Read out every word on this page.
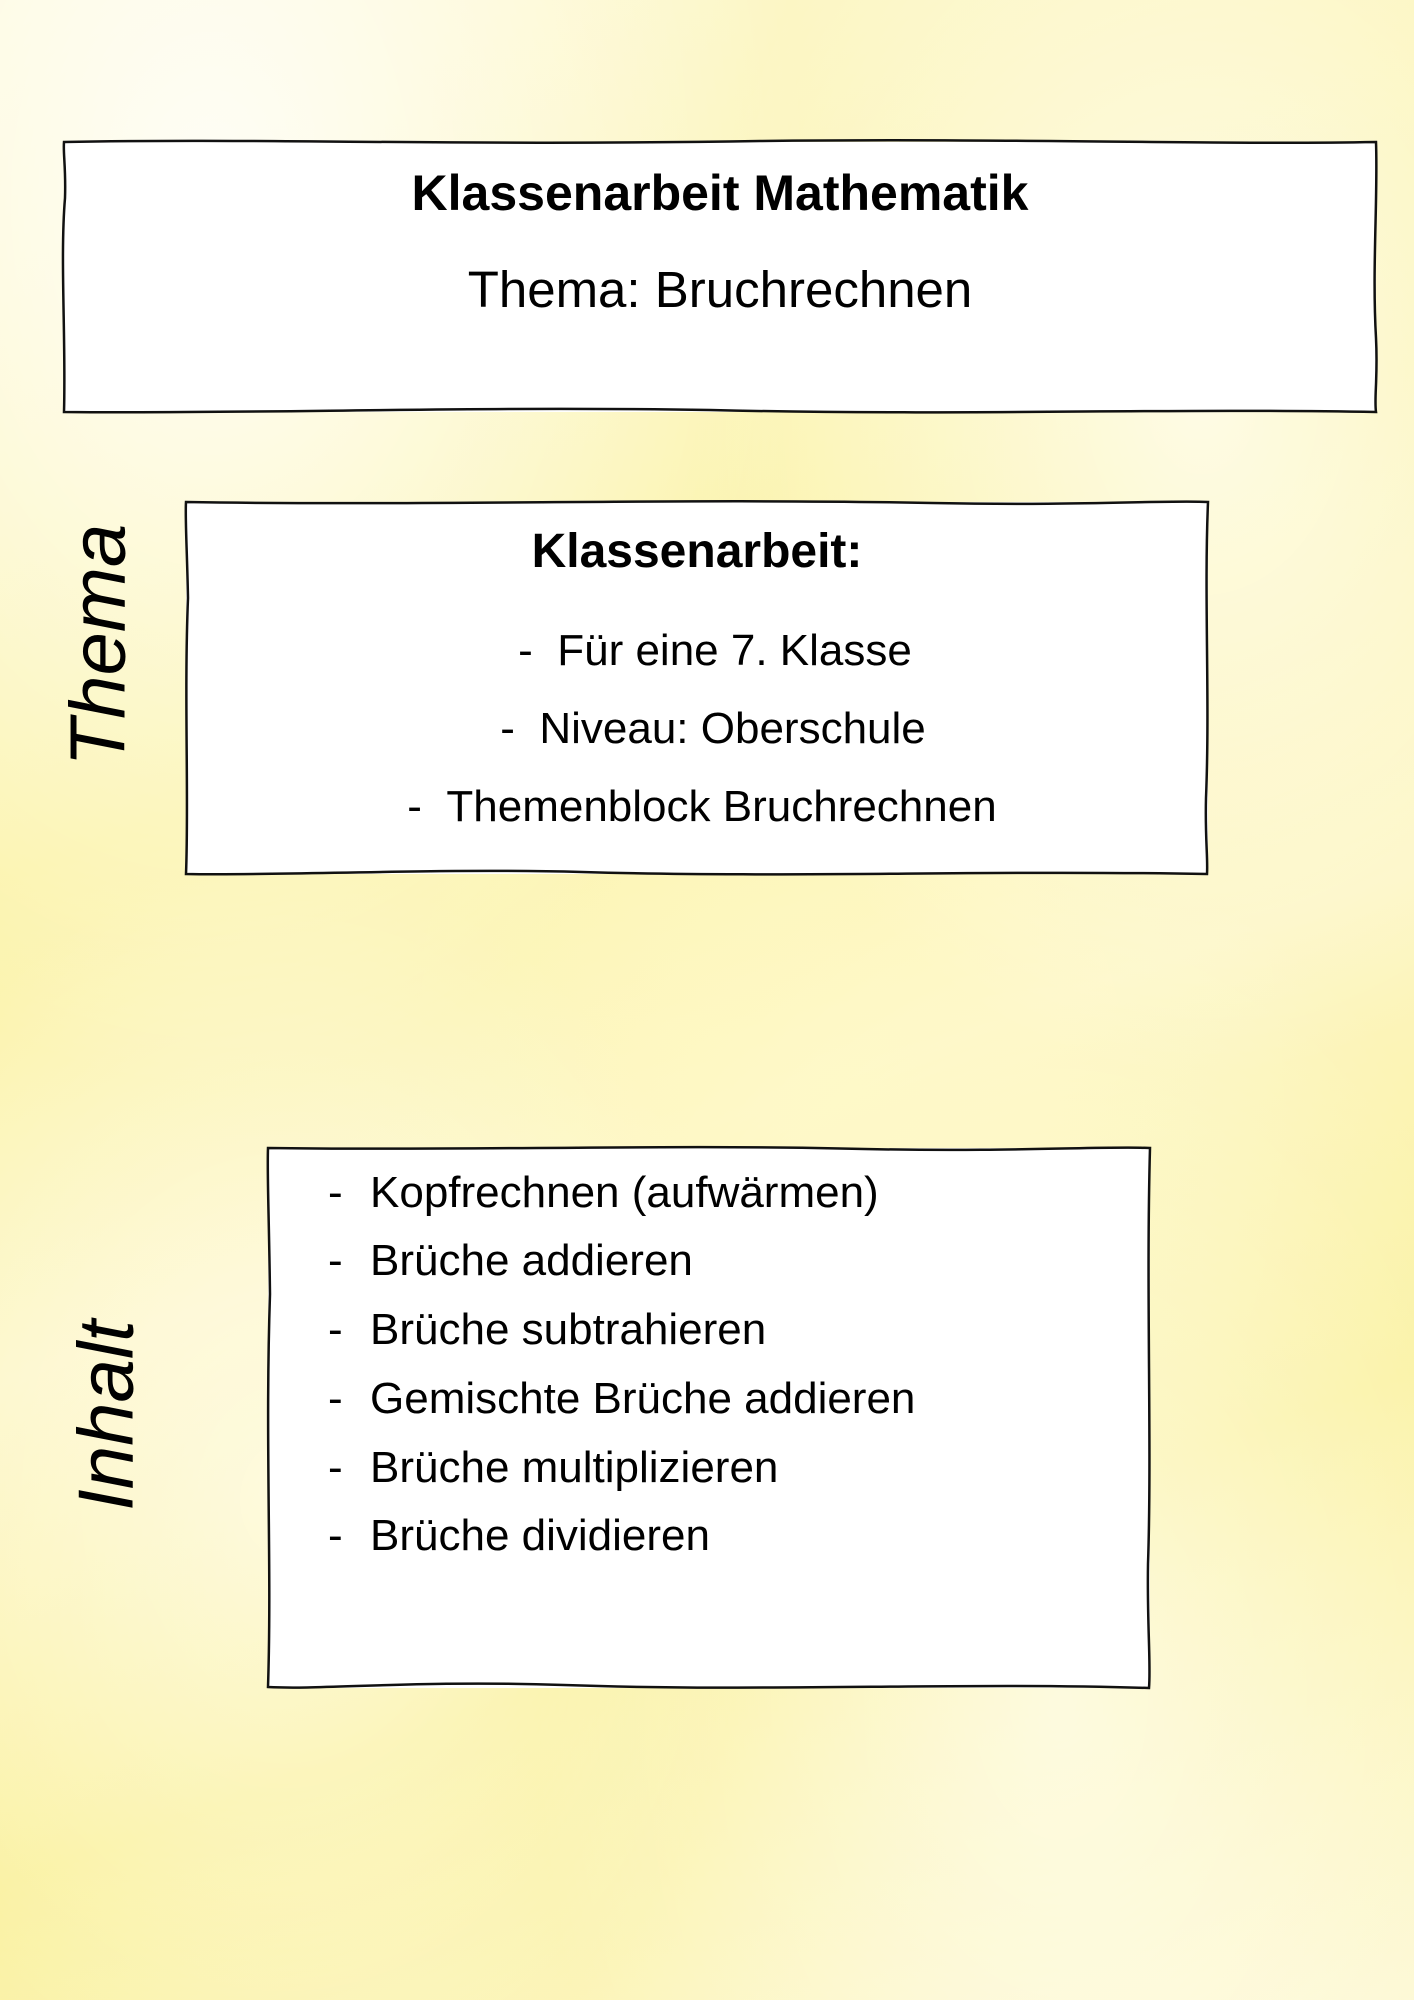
Klassenarbeit Mathematik
Thema: Bruchrechnen
Thema	Klassenarbeit:
- Für eine 7. Klasse
- Niveau: Oberschule
- Themenblock Bruchrechnen
Inhalt
- Kopfrechnen (aufwärmen)
- Brüche addieren
- Brüche subtrahieren
- Gemischte Brüche addieren
- Brüche multiplizieren
- Brüche dividieren
